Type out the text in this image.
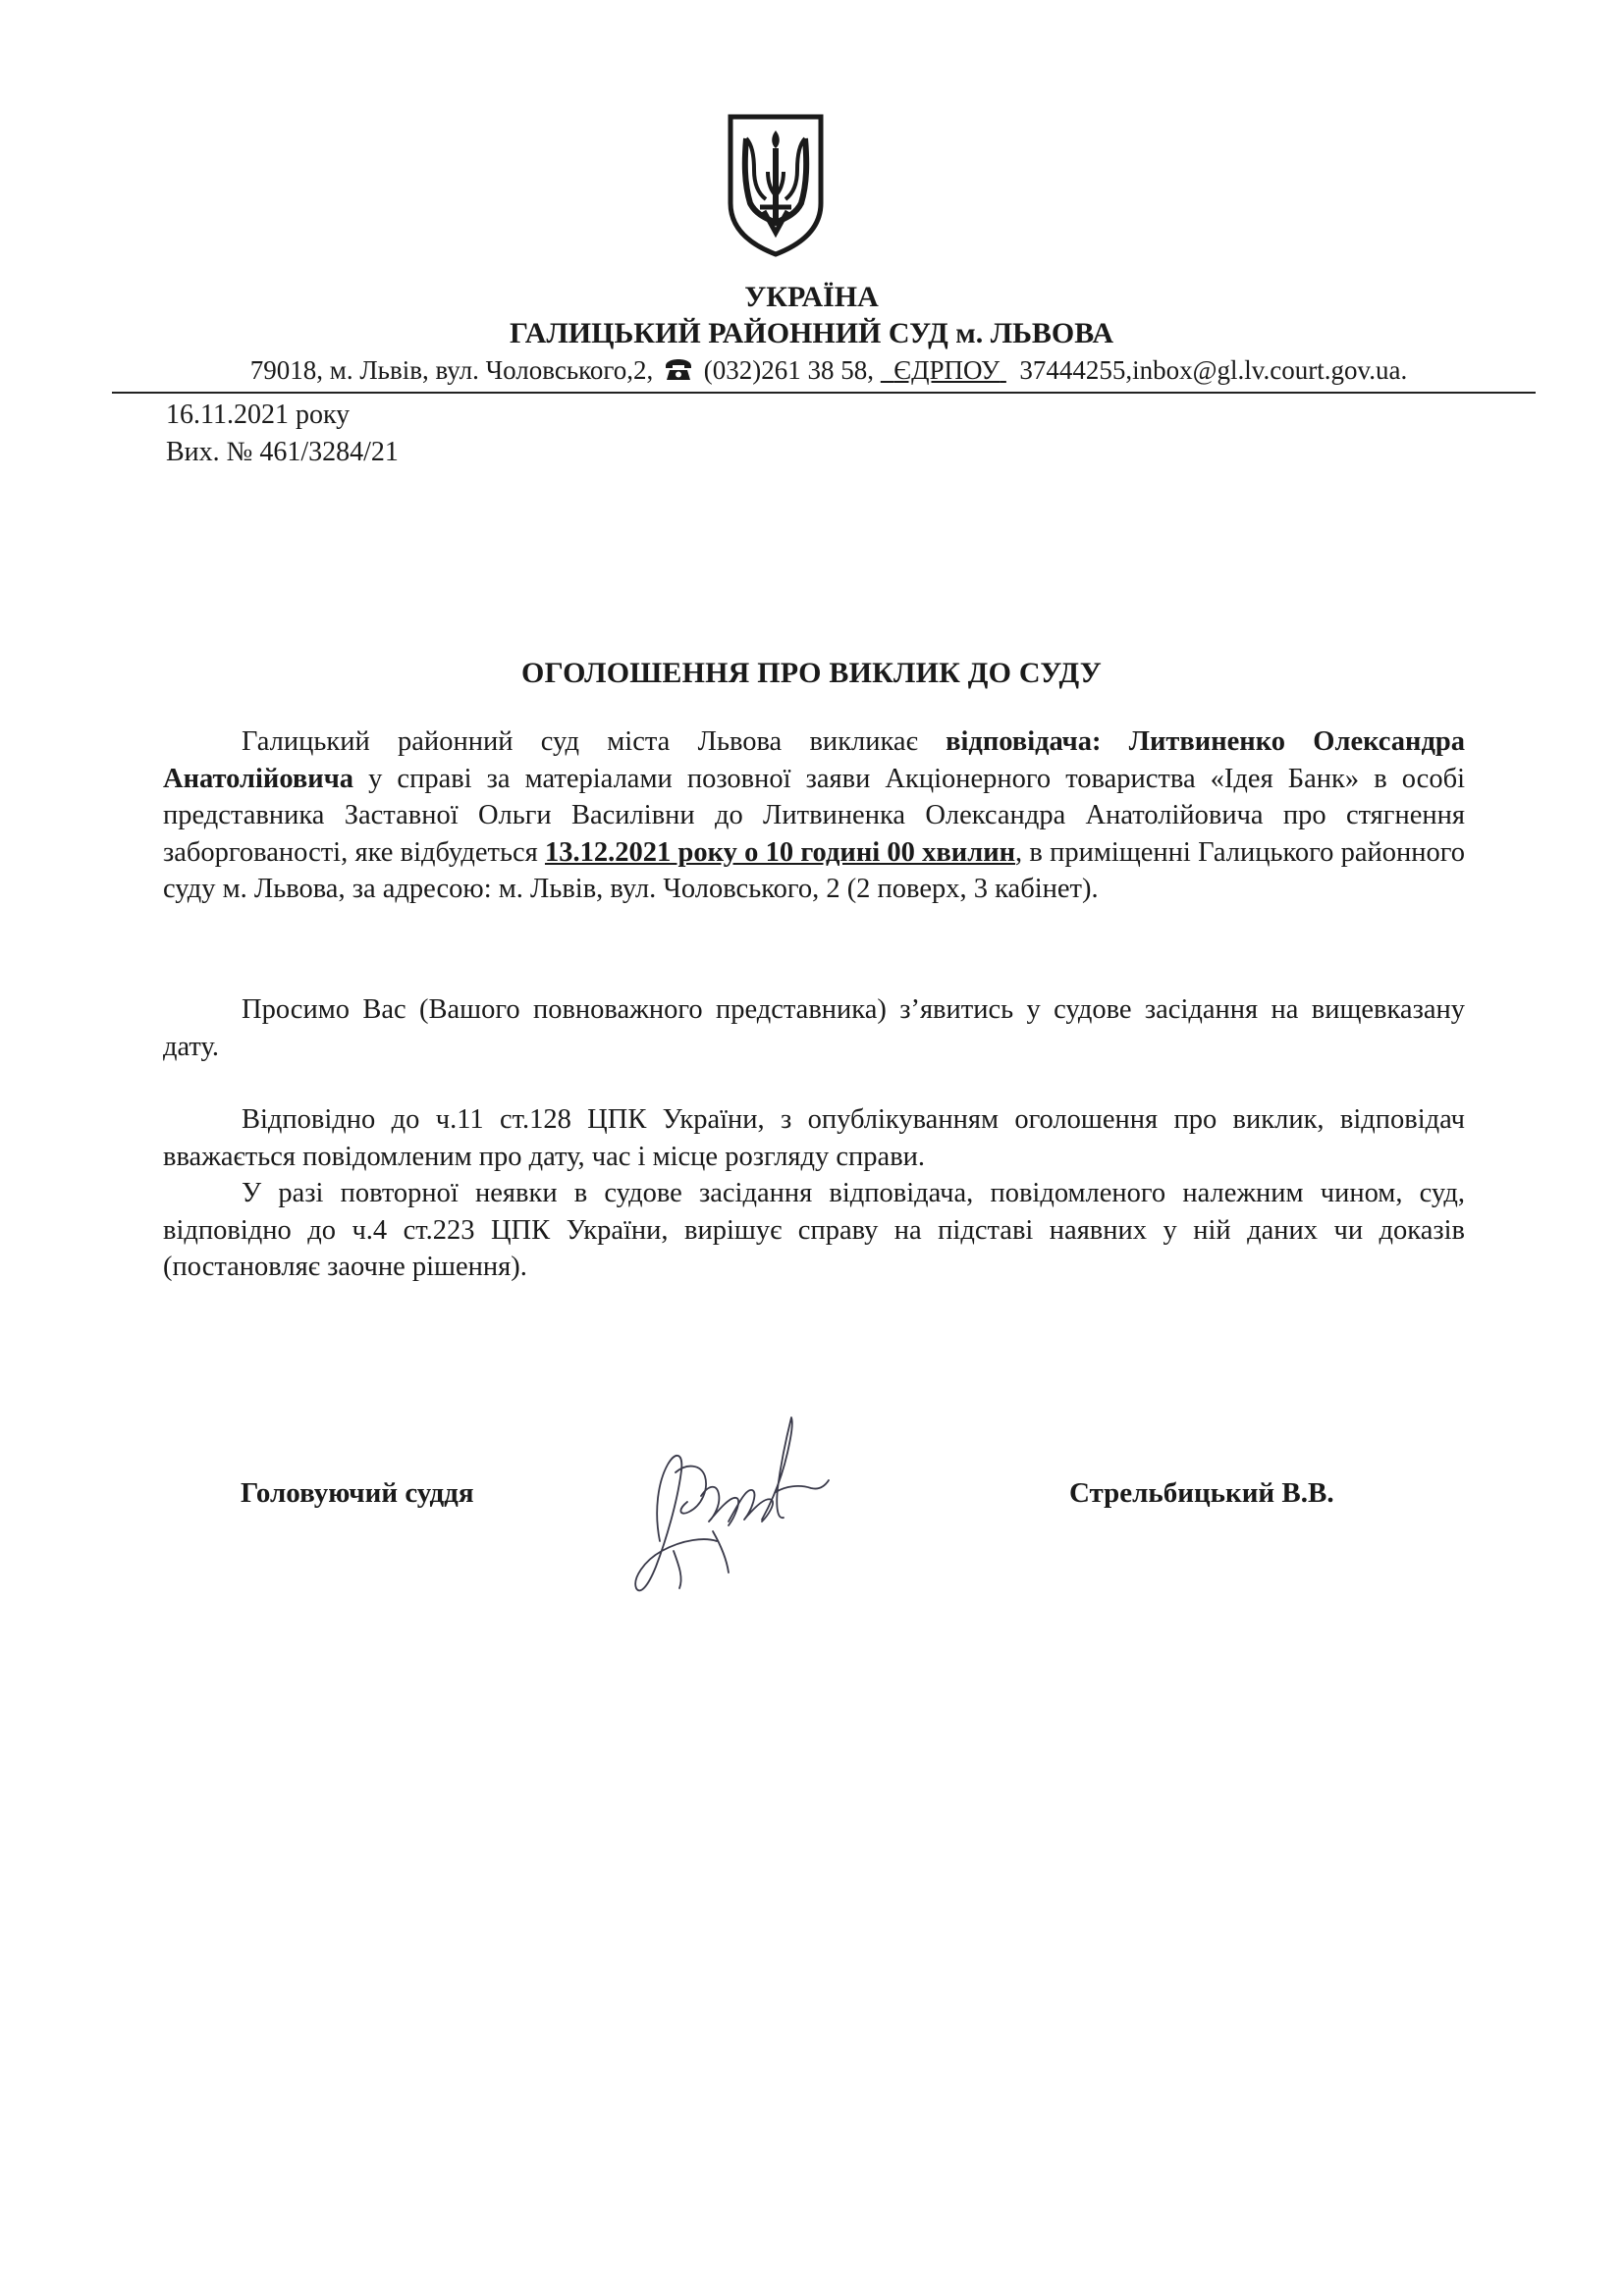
УКРАЇНА
ГАЛИЦЬКИЙ РАЙОННИЙ СУД м. ЛЬВОВА
79018, м. Львів, вул. Чоловського,2, (032)261 38 58, ЄДРПОУ 37444255,inbox@gl.lv.court.gov.ua.
16.11.2021 року
Вих. № 461/3284/21
ОГОЛОШЕННЯ ПРО ВИКЛИК ДО СУДУ

Галицький районний суд міста Львова викликає відповідача: Литвиненко Олександра Анатолійовича у справі за матеріалами позовної заяви Акціонерного товариства «Ідея Банк» в особі представника Заставної Ольги Василівни до Литвиненка Олександра Анатолійовича про стягнення заборгованості, яке відбудеться 13.12.2021 року о 10 годині 00 хвилин, в приміщенні Галицького районного суду м. Львова, за адресою: м. Львів, вул. Чоловського, 2 (2 поверх, 3 кабінет).

Просимо Вас (Вашого повноважного представника) з’явитись у судове засідання на вищевказану дату.

Відповідно до ч.11 ст.128 ЦПК України, з опублікуванням оголошення про виклик, відповідач вважається повідомленим про дату, час і місце розгляду справи.

У разі повторної неявки в судове засідання відповідача, повідомленого належним чином, суд, відповідно до ч.4 ст.223 ЦПК України, вирішує справу на підставі наявних у ній даних чи доказів (постановляє заочне рішення).

Головуючий суддя	Стрельбицький В.В.
